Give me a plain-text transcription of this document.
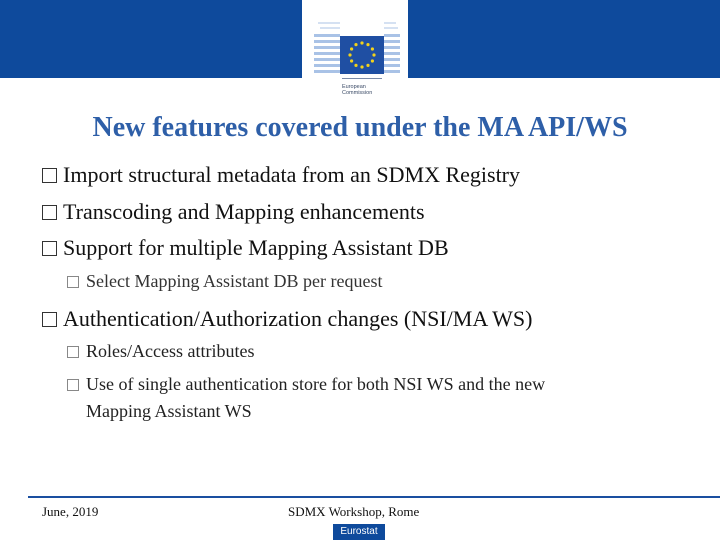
European
Commission
New features covered under the MA API/WS
Import structural metadata from an SDMX Registry
Transcoding and Mapping enhancements
Support for multiple Mapping Assistant DB
Select Mapping Assistant DB per request
Authentication/Authorization changes (NSI/MA WS)
Roles/Access attributes
Use of single authentication store for both NSI WS and the new
Mapping Assistant WS
June, 2019	SDMX Workshop, Rome
Eurostat
